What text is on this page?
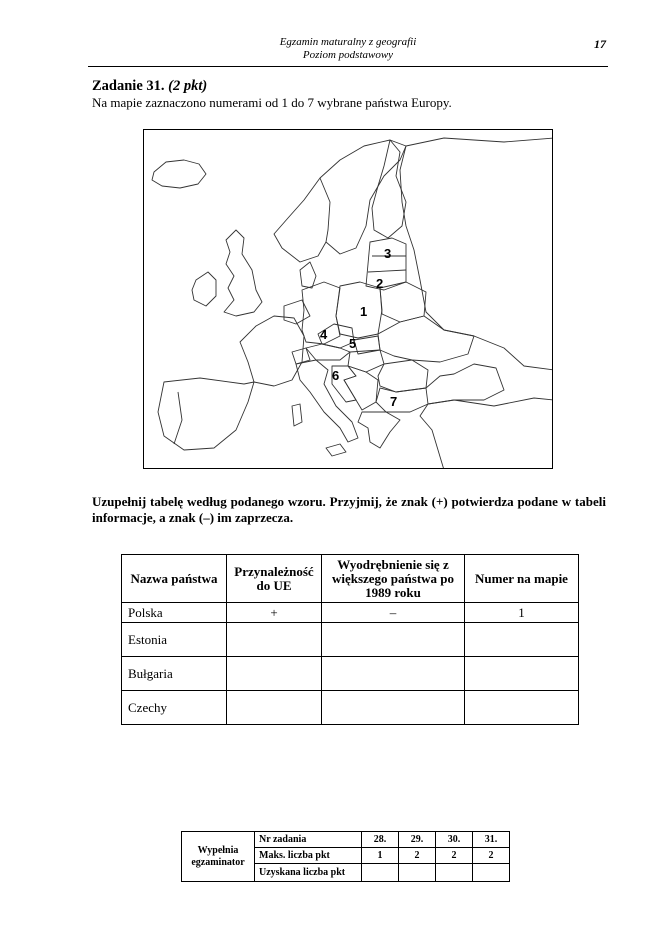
Egzamin maturalny z geografii
Poziom podstawowy
17
Zadanie 31. (2 pkt)
Na mapie zaznaczono numerami od 1 do 7 wybrane państwa Europy.
1
2
3
4
5
6
7
Uzupełnij tabelę według podanego wzoru. Przyjmij, że znak (+) potwierdza podane w tabeli informacje, a znak (–) im zaprzecza.
Nazwa państwa	Przynależność do UE	Wyodrębnienie się z większego państwa po 1989 roku	Numer na mapie
Polska	+	–	1
Estonia			
Bułgaria			
Czechy			
Wypełnia egzaminator	Nr zadania	28.	29.	30.	31.
	Maks. liczba pkt	1	2	2	2
	Uzyskana liczba pkt				
